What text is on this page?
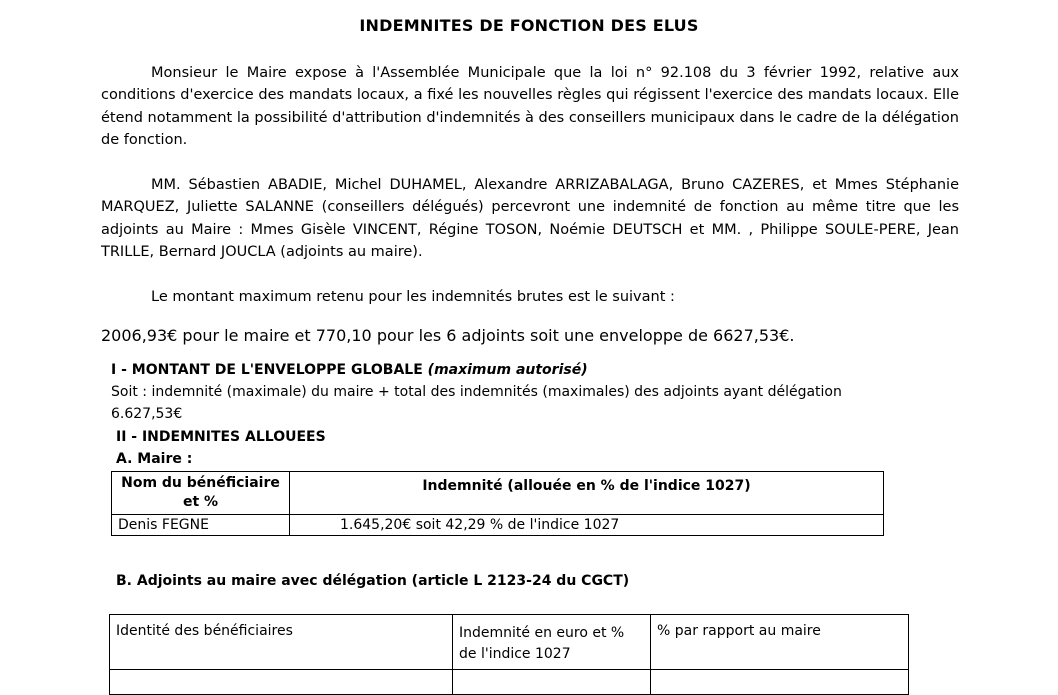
INDEMNITES DE FONCTION DES ELUS
Monsieur le Maire expose à l'Assemblée Municipale que la loi n° 92.108 du 3 février 1992, relative aux conditions d'exercice des mandats locaux, a fixé les nouvelles règles qui régissent l'exercice des mandats locaux. Elle étend notamment la possibilité d'attribution d'indemnités à des conseillers municipaux dans le cadre de la délégation de fonction.
MM. Sébastien ABADIE, Michel DUHAMEL, Alexandre ARRIZABALAGA, Bruno CAZERES, et Mmes Stéphanie MARQUEZ, Juliette SALANNE (conseillers délégués) percevront une indemnité de fonction au même titre que les adjoints au Maire : Mmes Gisèle VINCENT, Régine TOSON, Noémie DEUTSCH et MM. , Philippe SOULE-PERE, Jean TRILLE, Bernard JOUCLA (adjoints au maire).
Le montant maximum retenu pour les indemnités brutes est le suivant :
2006,93€ pour le maire et 770,10 pour les 6 adjoints soit une enveloppe de 6627,53€.
I - MONTANT DE L'ENVELOPPE GLOBALE (maximum autorisé)
Soit : indemnité (maximale) du maire + total des indemnités (maximales) des adjoints ayant délégation
6.627,53€
II - INDEMNITES ALLOUEES
A. Maire :
Nom du bénéficiaire et %	Indemnité (allouée en % de l'indice 1027)
Denis FEGNE	1.645,20€ soit 42,29 % de l'indice 1027
B. Adjoints au maire avec délégation (article L 2123-24 du CGCT)
Identité des bénéficiaires	Indemnité en euro et % de l'indice 1027	% par rapport au maire
